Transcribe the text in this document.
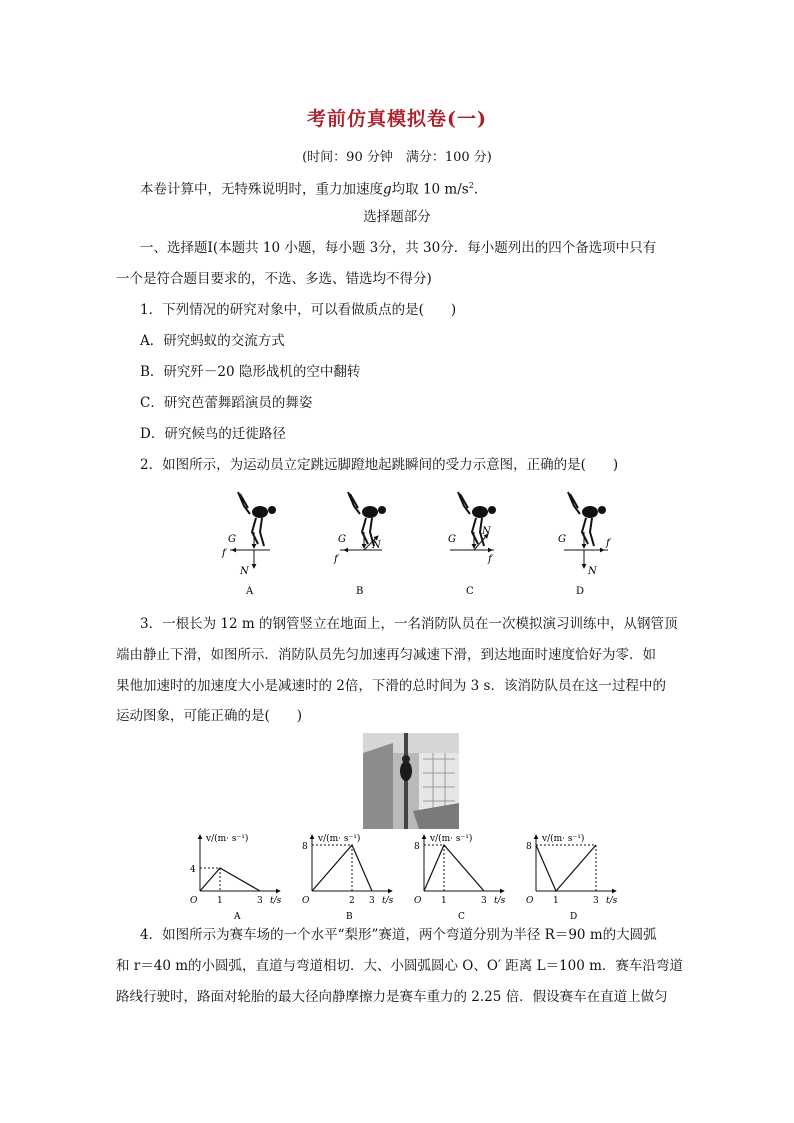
考前仿真模拟卷(一)
(时间：90 分钟　满分：100 分)
本卷计算中，无特殊说明时，重力加速度g均取 10 $m/s^2$.
选择题部分
一、选择题Ⅰ(本题共 10 小题，每小题 3分，共 30分．每小题列出的四个备选项中只有
一个是符合题目要求的，不选、多选、错选均不得分)
1．下列情况的研究对象中，可以看做质点的是(　　)
A．研究蚂蚁的交流方式
B．研究歼－20 隐形战机的空中翻转
C．研究芭蕾舞蹈演员的舞姿
D．研究候鸟的迁徙路径
2．如图所示，为运动员立定跳远脚蹬地起跳瞬间的受力示意图，正确的是(　　)
G
f
N
A
G
f
N
B
G
f
N
C
G	f
N
D
3．一根长为 12 m 的钢管竖立在地面上，一名消防队员在一次模拟演习训练中，从钢管顶
端由静止下滑，如图所示．消防队员先匀加速再匀减速下滑，到达地面时速度恰好为零．如
果他加速时的加速度大小是减速时的 2倍，下滑的总时间为 3 s．该消防队员在这一过程中的
运动图象，可能正确的是(　　)
v/(m· s⁻¹)
4
O 1	3 t/s
A
v/(m· s⁻¹)
8
O	2 3 t/s
B
v/(m· s⁻¹)
8
O 1	3 t/s
C
v/(m· s⁻¹)
8
O 1	3 t/s
D
4．如图所示为赛车场的一个水平“梨形”赛道，两个弯道分别为半径 R＝90 m的大圆弧
和 r＝40 m的小圆弧，直道与弯道相切．大、小圆弧圆心 O、O′ 距离 L＝100 m．赛车沿弯道
路线行驶时，路面对轮胎的最大径向静摩擦力是赛车重力的 2.25 倍．假设赛车在直道上做匀
